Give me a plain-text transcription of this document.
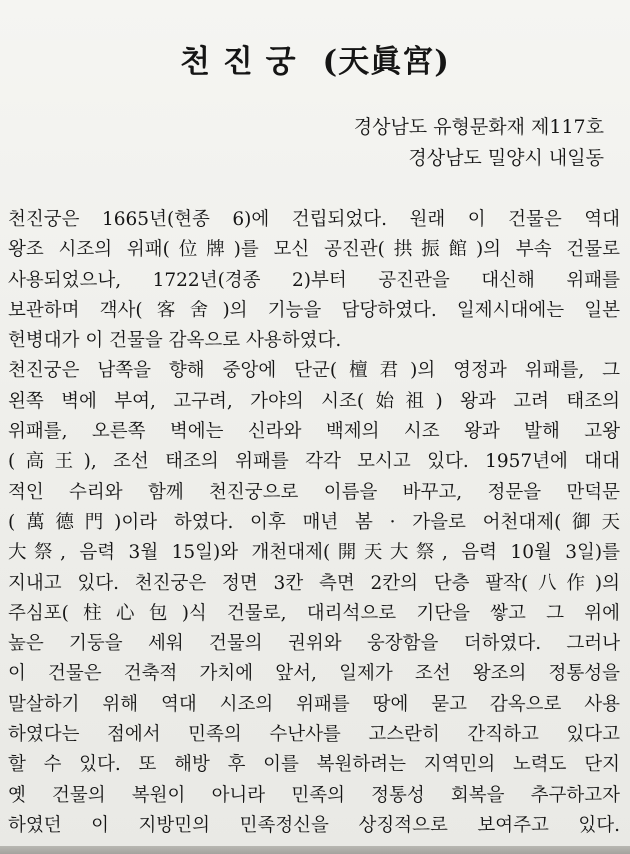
천 진 궁 (天眞宮)
경상남도 유형문화재 제117호
경상남도 밀양시 내일동
천진궁은 1665년(현종 6)에 건립되었다. 원래 이 건물은 역대
왕조 시조의 위패(位牌)를 모신 공진관(拱振館)의 부속 건물로
사용되었으나, 1722년(경종 2)부터 공진관을 대신해 위패를
보관하며 객사(客舍)의 기능을 담당하였다. 일제시대에는 일본
헌병대가 이 건물을 감옥으로 사용하였다.
천진궁은 남쪽을 향해 중앙에 단군(檀君)의 영정과 위패를, 그
왼쪽 벽에 부여, 고구려, 가야의 시조(始祖) 왕과 고려 태조의
위패를, 오른쪽 벽에는 신라와 백제의 시조 왕과 발해 고왕
(高王), 조선 태조의 위패를 각각 모시고 있다. 1957년에 대대
적인 수리와 함께 천진궁으로 이름을 바꾸고, 정문을 만덕문
(萬德門)이라 하였다. 이후 매년 봄 · 가을로 어천대제(御天
大祭, 음력 3월 15일)와 개천대제(開天大祭, 음력 10월 3일)를
지내고 있다. 천진궁은 정면 3칸 측면 2칸의 단층 팔작(八作)의
주심포(柱心包)식 건물로, 대리석으로 기단을 쌓고 그 위에
높은 기둥을 세워 건물의 권위와 웅장함을 더하였다. 그러나
이 건물은 건축적 가치에 앞서, 일제가 조선 왕조의 정통성을
말살하기 위해 역대 시조의 위패를 땅에 묻고 감옥으로 사용
하였다는 점에서 민족의 수난사를 고스란히 간직하고 있다고
할 수 있다. 또 해방 후 이를 복원하려는 지역민의 노력도 단지
옛 건물의 복원이 아니라 민족의 정통성 회복을 추구하고자
하였던 이 지방민의 민족정신을 상징적으로 보여주고 있다.
